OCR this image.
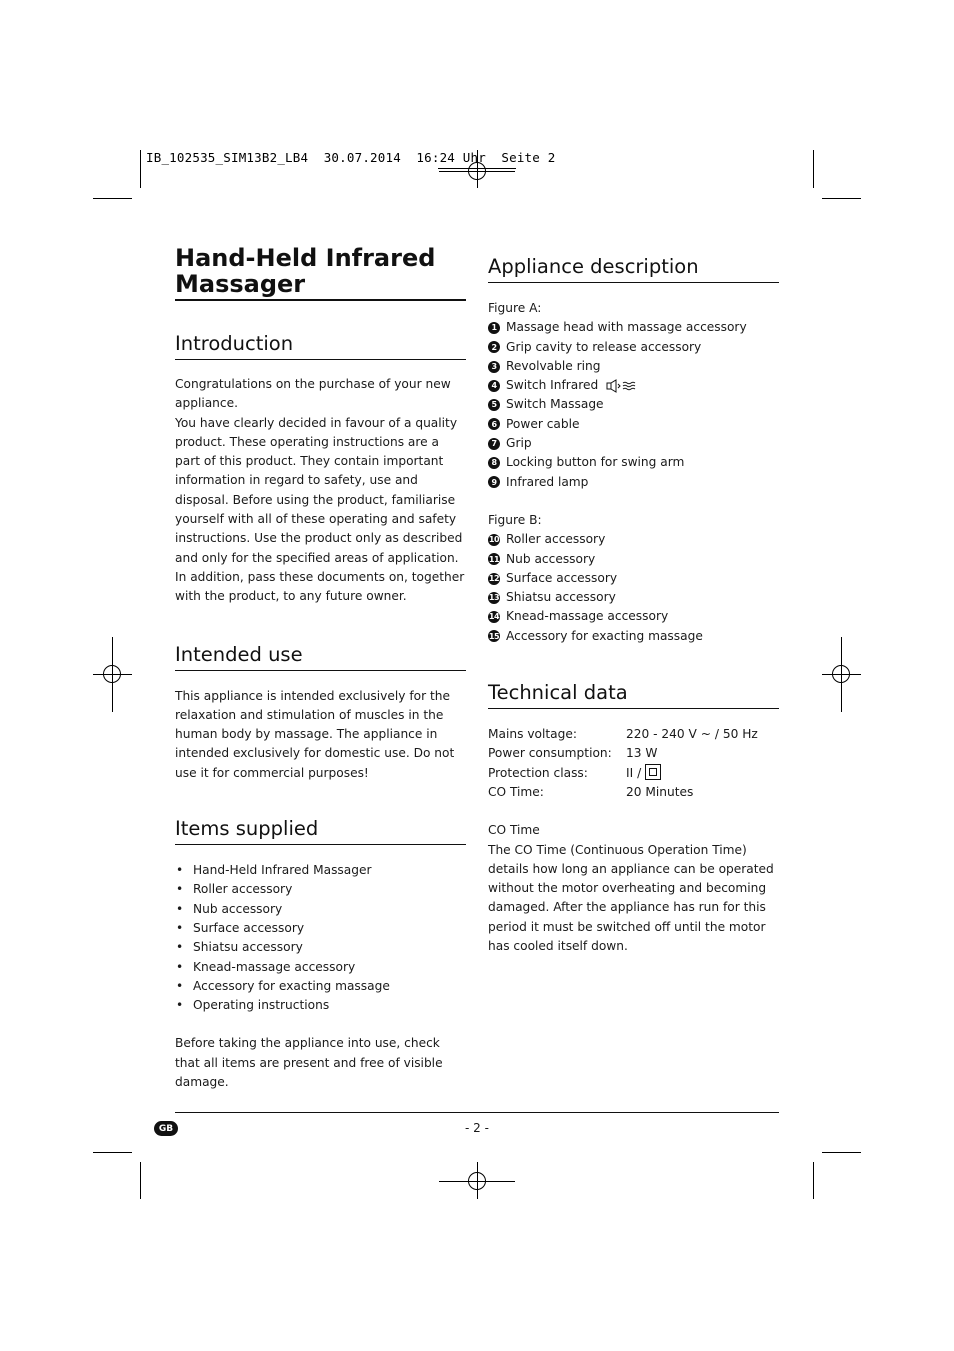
IB_102535_SIM13B2_LB4  30.07.2014  16:24 Uhr  Seite 2
Hand-Held Infrared Massager
Introduction

Congratulations on the purchase of your new appliance.

You have clearly decided in favour of a quality product. These operating instructions are a part of this product. They contain important information in regard to safety, use and disposal. Before using the product, familiarise yourself with all of these operating and safety instructions. Use the product only as described and only for the specified areas of application. In addition, pass these documents on, together with the product, to any future owner.

Intended use

This appliance is intended exclusively for the relaxation and stimulation of muscles in the human body by massage. The appliance in intended exclusively for domestic use. Do not use it for commercial purposes!

Items supplied
• Hand-Held Infrared Massager
• Roller accessory
• Nub accessory
• Surface accessory
• Shiatsu accessory
• Knead-massage accessory
• Accessory for exacting massage
• Operating instructions

Before taking the appliance into use, check that all items are present and free of visible damage.

Appliance description
Figure A:
1 Massage head with massage accessory
2 Grip cavity to release accessory
3 Revolvable ring
4 Switch Infrared
5 Switch Massage
6 Power cable
7 Grip
8 Locking button for swing arm
9 Infrared lamp
Figure B:
10 Roller accessory
11 Nub accessory
12 Surface accessory
13 Shiatsu accessory
14 Knead-massage accessory
15 Accessory for exacting massage
Technical data
Mains voltage:	220 - 240 V ~ / 50 Hz
Power consumption:	13 W
Protection class:	II /
CO Time:	20 Minutes
CO Time

The CO Time (Continuous Operation Time) details how long an appliance can be operated without the motor overheating and becoming damaged. After the appliance has run for this period it must be switched off until the motor has cooled itself down.

GB	- 2 -
